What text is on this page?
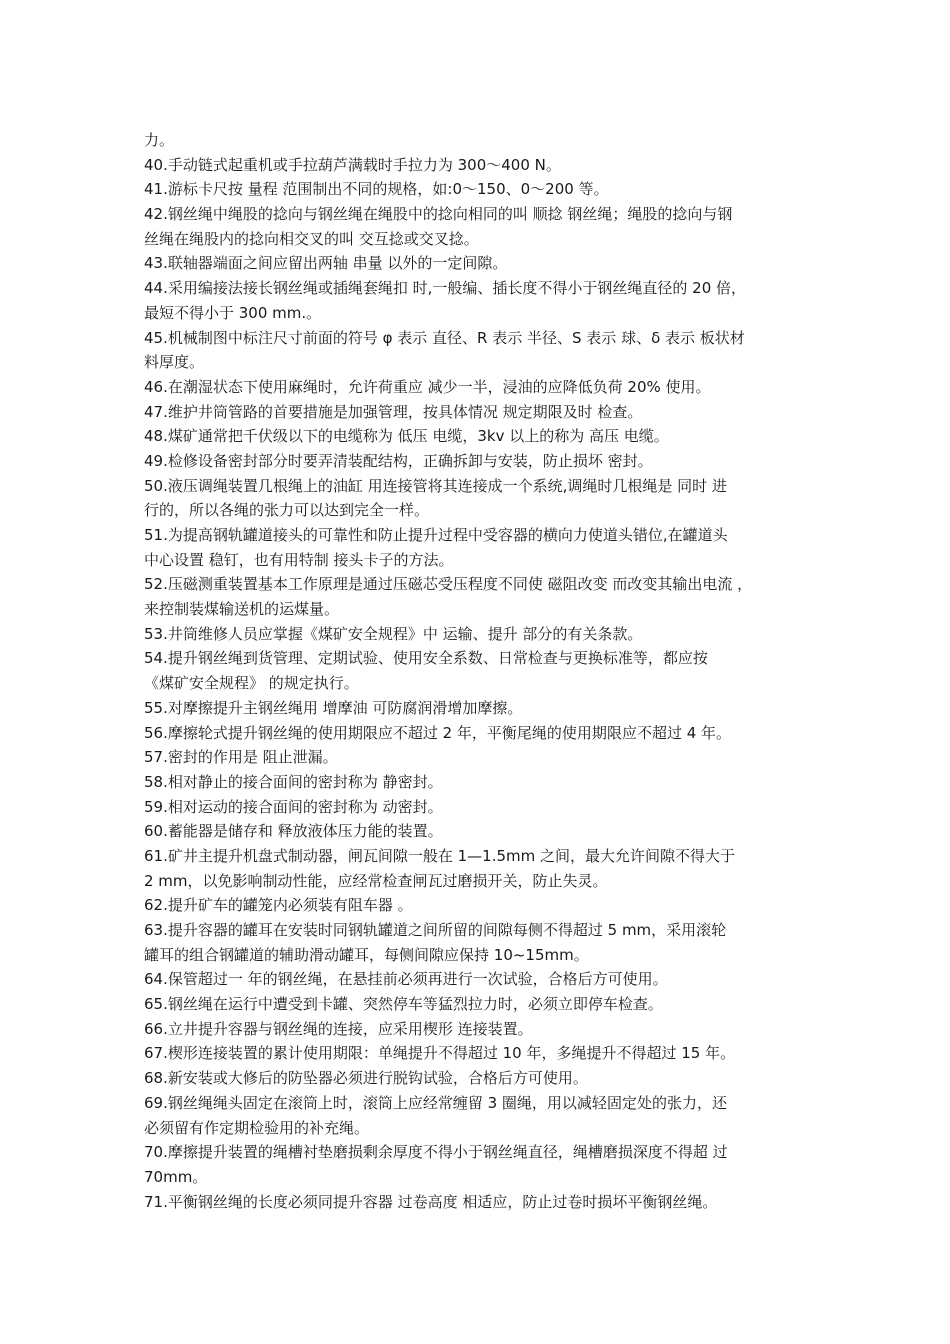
力。
40.手动链式起重机或手拉葫芦满载时手拉力为 300～400 N。
41.游标卡尺按 量程 范围制出不同的规格，如:0～150、0～200 等。
42.钢丝绳中绳股的捻向与钢丝绳在绳股中的捻向相同的叫 顺捻 钢丝绳；绳股的捻向与钢
丝绳在绳股内的捻向相交叉的叫 交互捻或交叉捻。
43.联轴器端面之间应留出两轴 串量 以外的一定间隙。
44.采用编接法接长钢丝绳或插绳套绳扣 时,一般编、插长度不得小于钢丝绳直径的 20 倍，
最短不得小于 300 mm.。
45.机械制图中标注尺寸前面的符号 φ 表示 直径、R 表示 半径、S 表示 球、δ 表示 板状材
料厚度。
46.在潮湿状态下使用麻绳时，允许荷重应 减少一半，浸油的应降低负荷 20% 使用。
47.维护井筒管路的首要措施是加强管理，按具体情况 规定期限及时 检查。
48.煤矿通常把千伏级以下的电缆称为 低压 电缆，3kv 以上的称为 高压 电缆。
49.检修设备密封部分时要弄清装配结构，正确拆卸与安装，防止损坏 密封。
50.液压调绳装置几根绳上的油缸 用连接管将其连接成一个系统,调绳时几根绳是 同时 进
行的，所以各绳的张力可以达到完全一样。
51.为提高钢轨罐道接头的可靠性和防止提升过程中受容器的横向力使道头错位,在罐道头
中心设置 稳钉，也有用特制 接头卡子的方法。
52.压磁测重装置基本工作原理是通过压磁芯受压程度不同使 磁阻改变 而改变其输出电流 ，
来控制装煤输送机的运煤量。
53.井筒维修人员应掌握《煤矿安全规程》中 运输、提升 部分的有关条款。
54.提升钢丝绳到货管理、定期试验、使用安全系数、日常检查与更换标准等，都应按
《煤矿安全规程》 的规定执行。
55.对摩擦提升主钢丝绳用 增摩油 可防腐润滑增加摩擦。
56.摩擦轮式提升钢丝绳的使用期限应不超过 2 年，平衡尾绳的使用期限应不超过 4 年。
57.密封的作用是 阻止泄漏。
58.相对静止的接合面间的密封称为 静密封。
59.相对运动的接合面间的密封称为 动密封。
60.蓄能器是储存和 释放液体压力能的装置。
61.矿井主提升机盘式制动器，闸瓦间隙一般在 1—1.5mm 之间，最大允许间隙不得大于
2 mm，以免影响制动性能，应经常检查闸瓦过磨损开关，防止失灵。
62.提升矿车的罐笼内必须装有阻车器 。
63.提升容器的罐耳在安装时同钢轨罐道之间所留的间隙每侧不得超过 5 mm，采用滚轮
罐耳的组合钢罐道的辅助滑动罐耳，每侧间隙应保持 10~15mm。
64.保管超过一 年的钢丝绳，在悬挂前必须再进行一次试验，合格后方可使用。
65.钢丝绳在运行中遭受到卡罐、突然停车等猛烈拉力时，必须立即停车检查。
66.立井提升容器与钢丝绳的连接，应采用楔形 连接装置。
67.楔形连接装置的累计使用期限：单绳提升不得超过 10 年，多绳提升不得超过 15 年。
68.新安装或大修后的防坠器必须进行脱钩试验，合格后方可使用。
69.钢丝绳绳头固定在滚筒上时，滚筒上应经常缠留 3 圈绳，用以减轻固定处的张力，还
必须留有作定期检验用的补充绳。
70.摩擦提升装置的绳槽衬垫磨损剩余厚度不得小于钢丝绳直径，绳槽磨损深度不得超 过
70mm。
71.平衡钢丝绳的长度必须同提升容器 过卷高度 相适应，防止过卷时损坏平衡钢丝绳。
